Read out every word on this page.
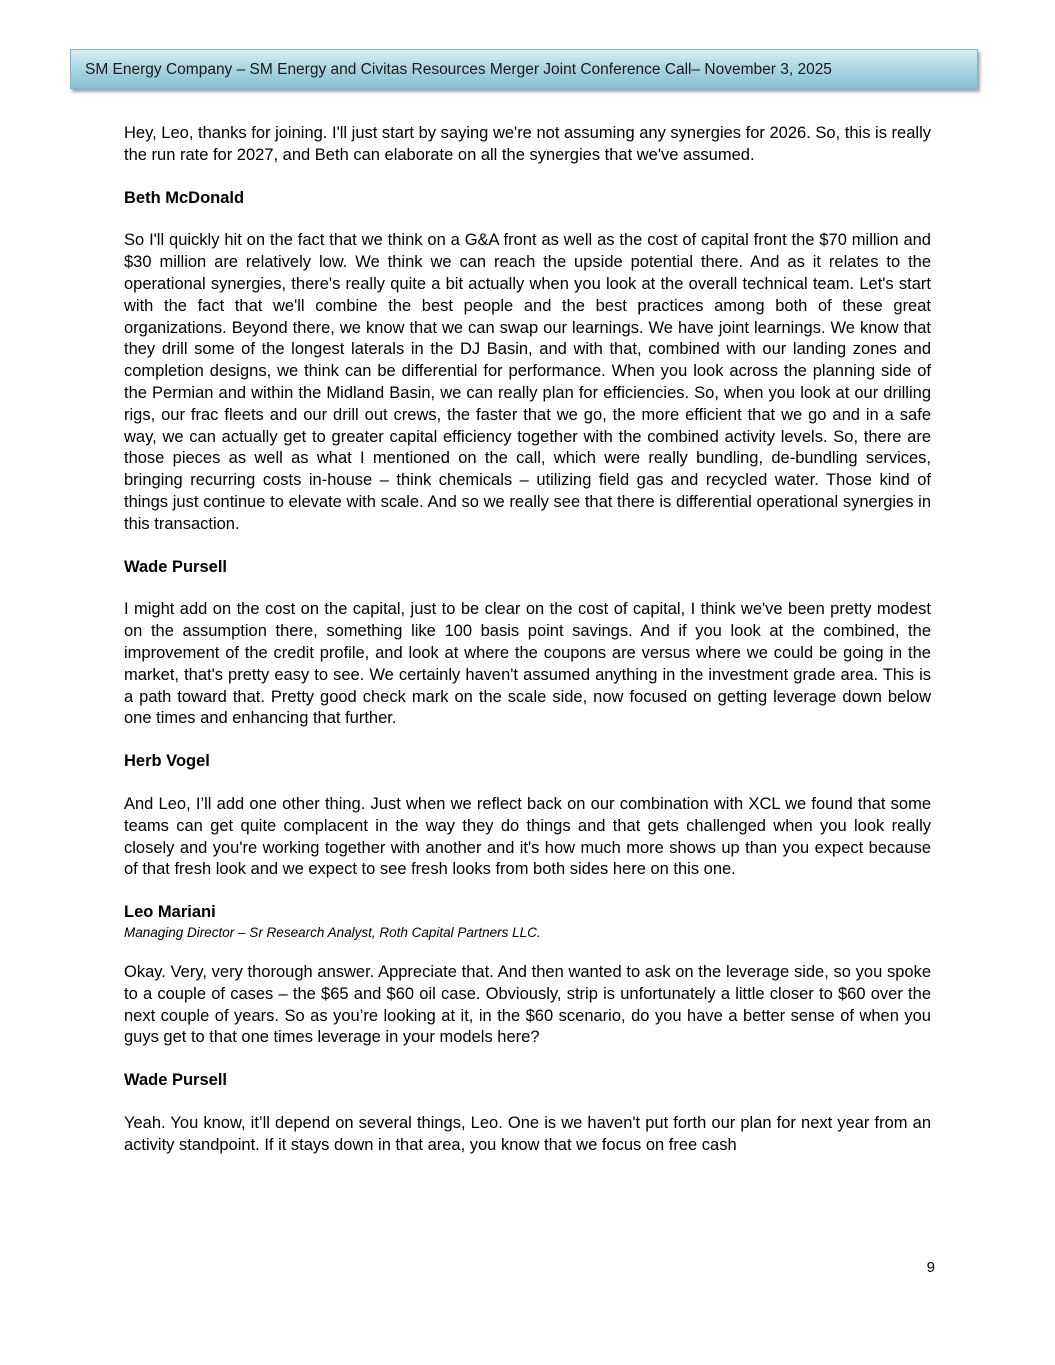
SM Energy Company – SM Energy and Civitas Resources Merger Joint Conference Call– November 3, 2025

Hey, Leo, thanks for joining. I'll just start by saying we're not assuming any synergies for 2026. So, this is really the run rate for 2027, and Beth can elaborate on all the synergies that we've assumed.

Beth McDonald

So I'll quickly hit on the fact that we think on a G&A front as well as the cost of capital front the $70 million and $30 million are relatively low. We think we can reach the upside potential there. And as it relates to the operational synergies, there's really quite a bit actually when you look at the overall technical team. Let's start with the fact that we'll combine the best people and the best practices among both of these great organizations. Beyond there, we know that we can swap our learnings. We have joint learnings. We know that they drill some of the longest laterals in the DJ Basin, and with that, combined with our landing zones and completion designs, we think can be differential for performance. When you look across the planning side of the Permian and within the Midland Basin, we can really plan for efficiencies. So, when you look at our drilling rigs, our frac fleets and our drill out crews, the faster that we go, the more efficient that we go and in a safe way, we can actually get to greater capital efficiency together with the combined activity levels. So, there are those pieces as well as what I mentioned on the call, which were really bundling, de-bundling services, bringing recurring costs in-house – think chemicals – utilizing field gas and recycled water. Those kind of things just continue to elevate with scale. And so we really see that there is differential operational synergies in this transaction.

Wade Pursell

I might add on the cost on the capital, just to be clear on the cost of capital, I think we've been pretty modest on the assumption there, something like 100 basis point savings. And if you look at the combined, the improvement of the credit profile, and look at where the coupons are versus where we could be going in the market, that's pretty easy to see. We certainly haven't assumed anything in the investment grade area. This is a path toward that. Pretty good check mark on the scale side, now focused on getting leverage down below one times and enhancing that further.

Herb Vogel

And Leo, I’ll add one other thing. Just when we reflect back on our combination with XCL we found that some teams can get quite complacent in the way they do things and that gets challenged when you look really closely and you're working together with another and it's how much more shows up than you expect because of that fresh look and we expect to see fresh looks from both sides here on this one.

Leo Mariani
Managing Director – Sr Research Analyst, Roth Capital Partners LLC.

Okay. Very, very thorough answer. Appreciate that. And then wanted to ask on the leverage side, so you spoke to a couple of cases – the $65 and $60 oil case. Obviously, strip is unfortunately a little closer to $60 over the next couple of years. So as you’re looking at it, in the $60 scenario, do you have a better sense of when you guys get to that one times leverage in your models here?

Wade Pursell

Yeah. You know, it’ll depend on several things, Leo. One is we haven't put forth our plan for next year from an activity standpoint. If it stays down in that area, you know that we focus on free cash

9
